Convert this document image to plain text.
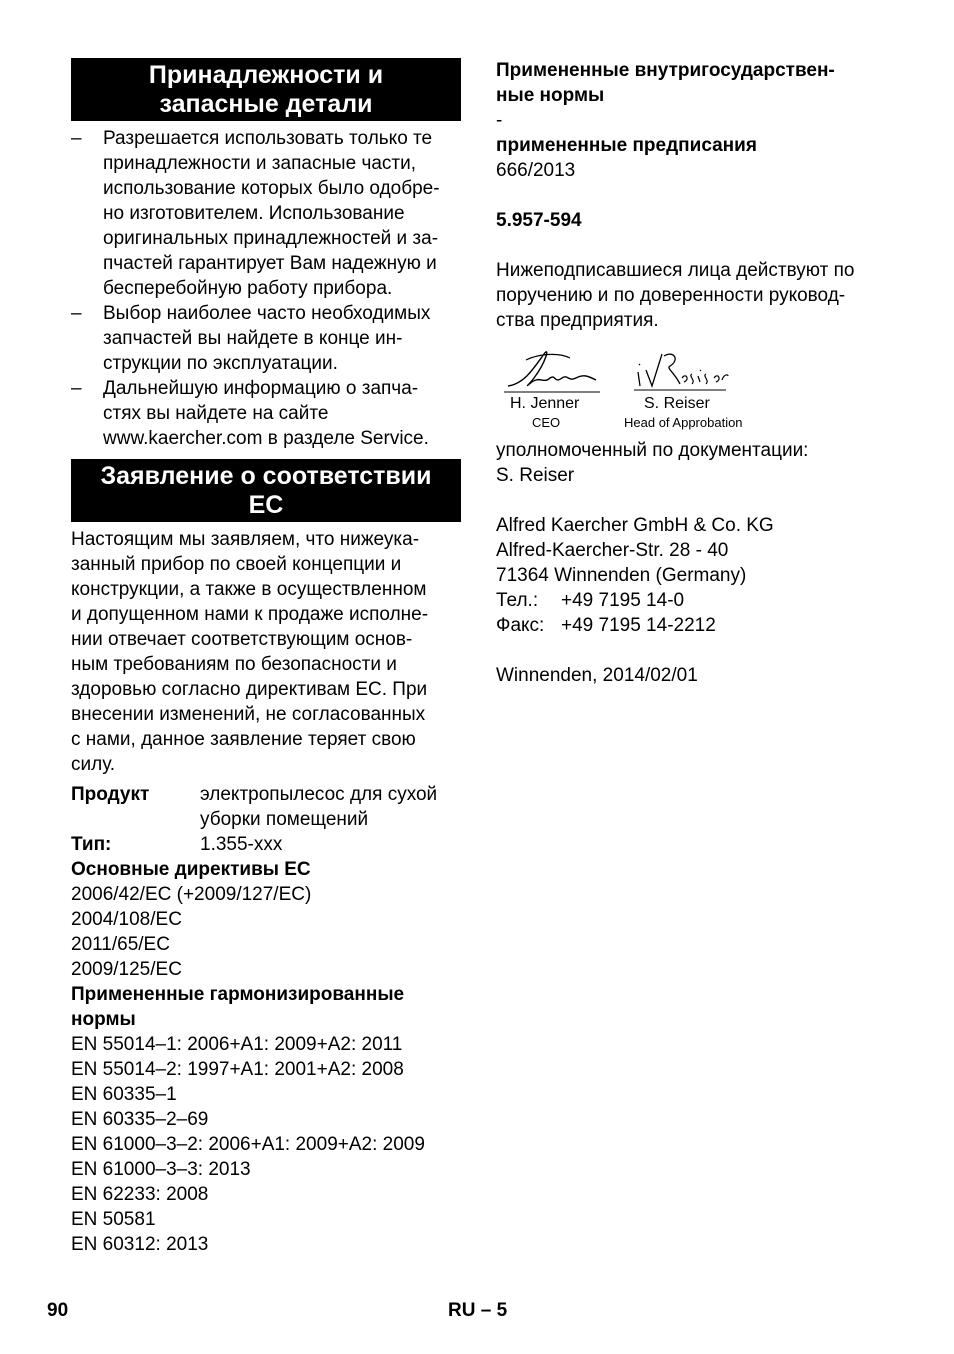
Принадлежности и
запасные детали
– Разрешается использовать только те
принадлежности и запасные части,
использование которых было одобре-
но изготовителем. Использование
оригинальных принадлежностей и за-
пчастей гарантирует Вам надежную и
бесперебойную работу прибора.
– Выбор наиболее часто необходимых
запчастей вы найдете в конце ин-
струкции по эксплуатации.
– Дальнейшую информацию о запча-
стях вы найдете на сайте
www.kaercher.com в разделе Service.
Заявление о соответствии
ЕС
Настоящим мы заявляем, что нижеука-
занный прибор по своей концепции и
конструкции, а также в осуществленном
и допущенном нами к продаже исполне-
нии отвечает соответствующим основ-
ным требованиям по безопасности и
здоровью согласно директивам ЕС. При
внесении изменений, не согласованных
с нами, данное заявление теряет свою
силу.
Продукт	электропылесос для сухой
уборки помещений
Тип:	1.355-xxx
Основные директивы ЕС
2006/42/EC (+2009/127/EC)
2004/108/EC
2011/65/EC
2009/125/EC
Примененные гармонизированные
нормы
EN 55014–1: 2006+A1: 2009+A2: 2011
EN 55014–2: 1997+A1: 2001+A2: 2008
EN 60335–1
EN 60335–2–69
EN 61000–3–2: 2006+A1: 2009+A2: 2009
EN 61000–3–3: 2013
EN 62233: 2008
EN 50581
EN 60312: 2013
Примененные внутригосударствен-
ные нормы
-
примененные предписания
666/2013
5.957-594
Нижеподписавшиеся лица действуют по
поручению и по доверенности руковод-
ства предприятия.
H. Jenner
CEO
S. Reiser
Head of Approbation
уполномоченный по документации:
S. Reiser
Alfred Kaercher GmbH & Co. KG
Alfred-Kaercher-Str. 28 - 40
71364 Winnenden (Germany)
Тел.:	+49 7195 14-0
Факс: +49 7195 14-2212
Winnenden, 2014/02/01
90	RU – 5
